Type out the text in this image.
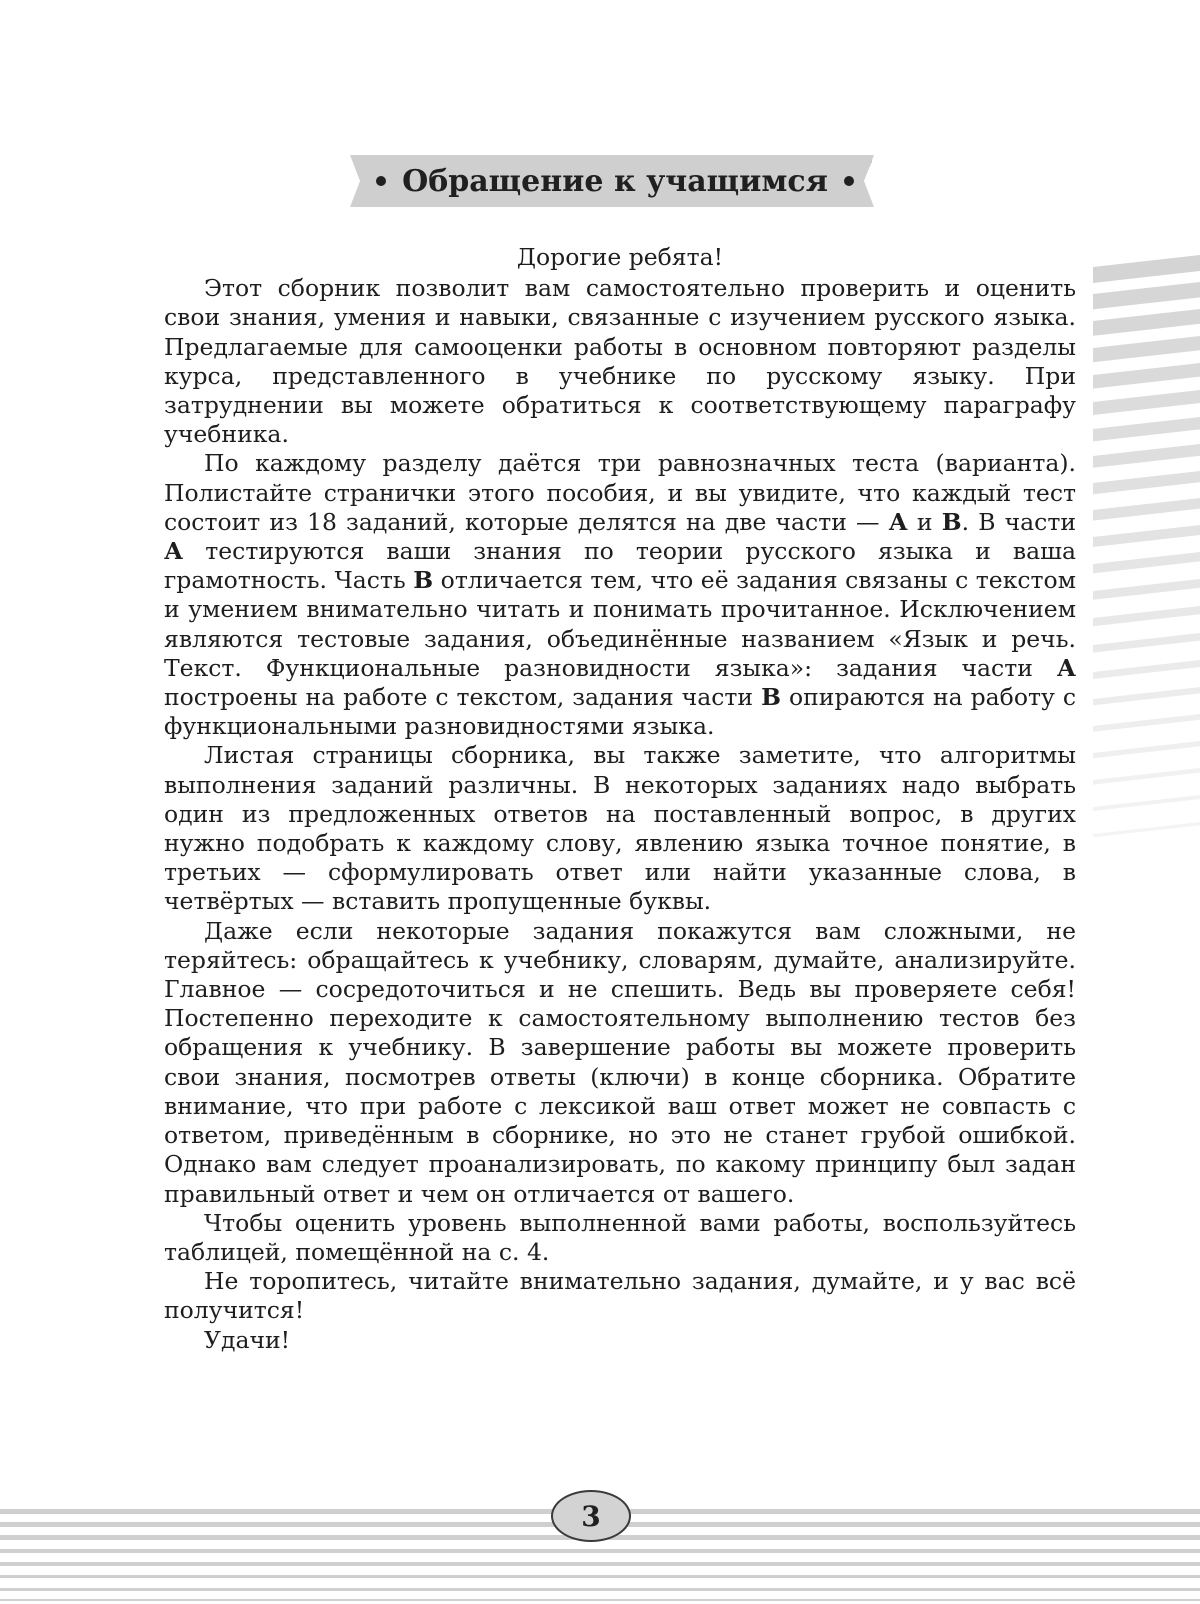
Обращение к учащимся

Дорогие ребята!

Этот сборник позволит вам самостоятельно проверить и оценить свои знания, умения и навыки, связанные с изучением русского языка. Предлагаемые для самооценки работы в основном повторяют разделы курса, представленного в учебнике по русскому языку. При затруднении вы можете обратиться к соответствующему параграфу учебника.

По каждому разделу даётся три равнозначных теста (варианта). Полистайте странички этого пособия, и вы увидите, что каждый тест состоит из 18 заданий, которые делятся на две части — А и В. В части А тестируются ваши знания по теории русского языка и ваша грамотность. Часть В отличается тем, что её задания связаны с текстом и умением внимательно читать и понимать прочитанное. Исключением являются тестовые задания, объединённые названием «Язык и речь. Текст. Функциональные разновидности языка»: задания части А построены на работе с текстом, задания части В опираются на работу с функциональными разновидностями языка.

Листая страницы сборника, вы также заметите, что алгоритмы выполнения заданий различны. В некоторых заданиях надо выбрать один из предложенных ответов на поставленный вопрос, в других нужно подобрать к каждому слову, явлению языка точное понятие, в третьих — сформулировать ответ или найти указанные слова, в четвёртых — вставить пропущенные буквы.

Даже если некоторые задания покажутся вам сложными, не теряйтесь: обращайтесь к учебнику, словарям, думайте, анализируйте. Главное — сосредоточиться и не спешить. Ведь вы проверяете себя! Постепенно переходите к самостоятельному выполнению тестов без обращения к учебнику. В завершение работы вы можете проверить свои знания, посмотрев ответы (ключи) в конце сборника. Обратите внимание, что при работе с лексикой ваш ответ может не совпасть с ответом, приведённым в сборнике, но это не станет грубой ошибкой. Однако вам следует проанализировать, по какому принципу был задан правильный ответ и чем он отличается от вашего.

Чтобы оценить уровень выполненной вами работы, воспользуйтесь таблицей, помещённой на с. 4.

Не торопитесь, читайте внимательно задания, думайте, и у вас всё получится!

Удачи!

3
